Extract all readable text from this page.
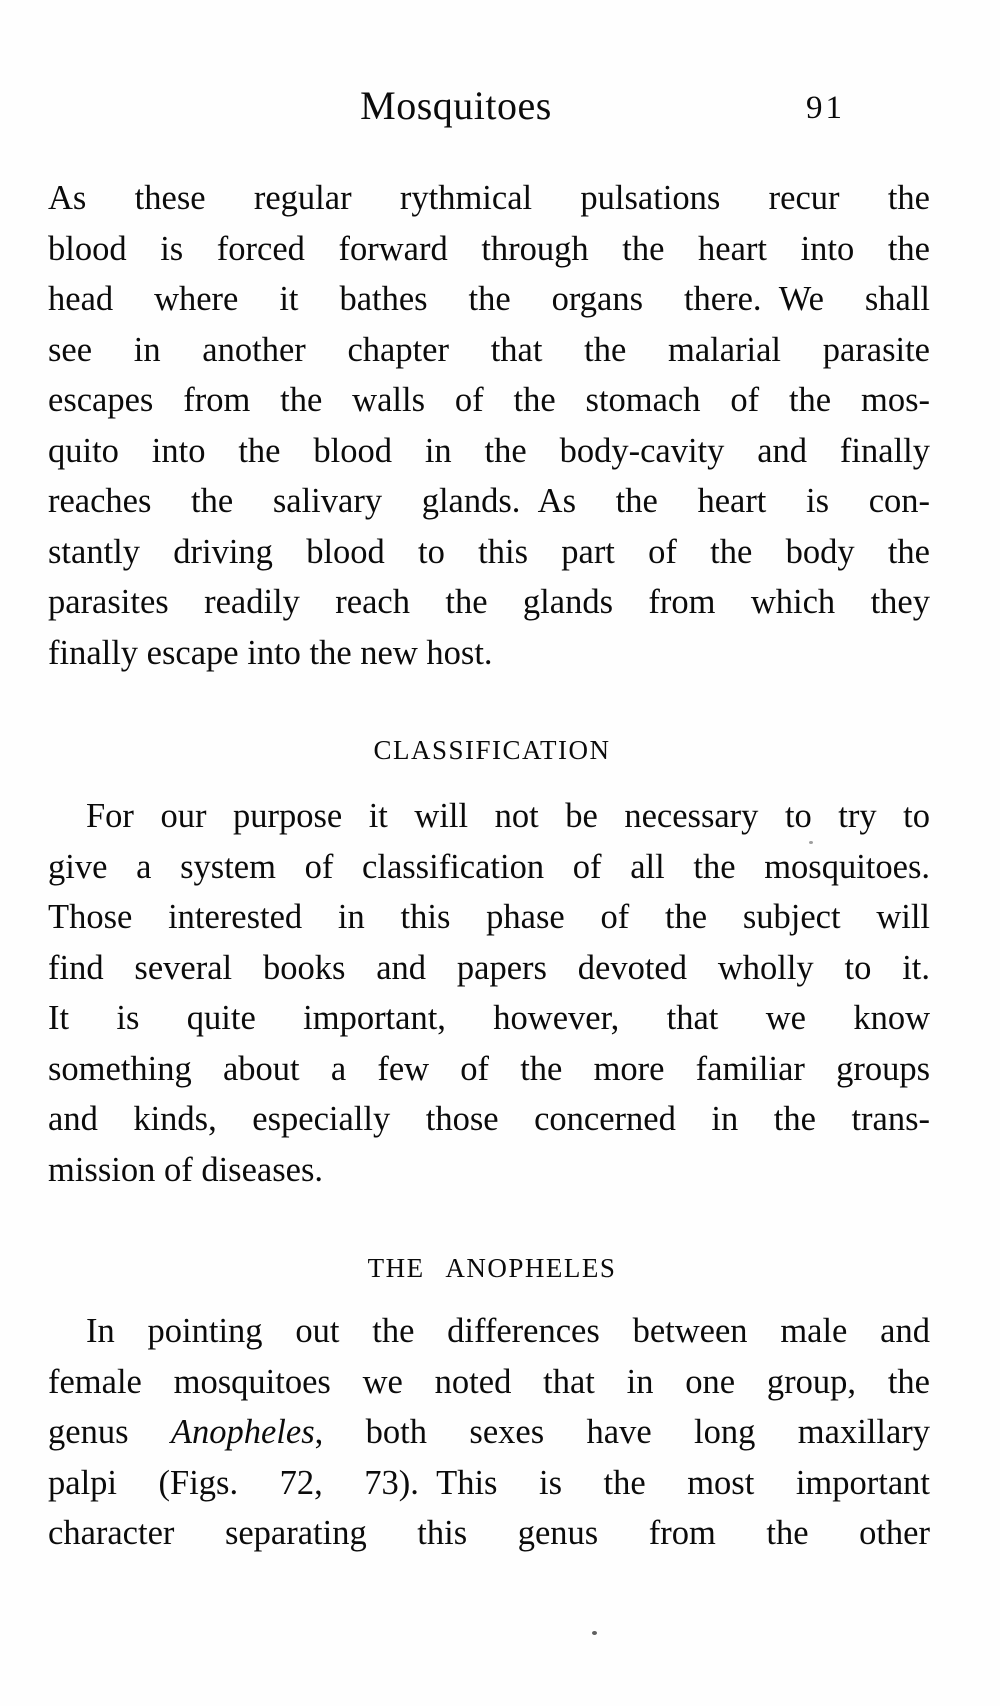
Mosquitoes	91
As these regular rythmical pulsations recur the
blood is forced forward through the heart into the
head where it bathes the organs there. We shall
see in another chapter that the malarial parasite
escapes from the walls of the stomach of the mos-
quito into the blood in the body-cavity and finally
reaches the salivary glands. As the heart is con-
stantly driving blood to this part of the body the
parasites readily reach the glands from which they
finally escape into the new host.
CLASSIFICATION
For our purpose it will not be necessary to try to
give a system of classification of all the mosquitoes.
Those interested in this phase of the subject will
find several books and papers devoted wholly to it.
It is quite important, however, that we know
something about a few of the more familiar groups
and kinds, especially those concerned in the trans-
mission of diseases.
THE ANOPHELES
In pointing out the differences between male and
female mosquitoes we noted that in one group, the
genus Anopheles, both sexes have long maxillary
palpi (Figs. 72, 73). This is the most important
character separating this genus from the other
